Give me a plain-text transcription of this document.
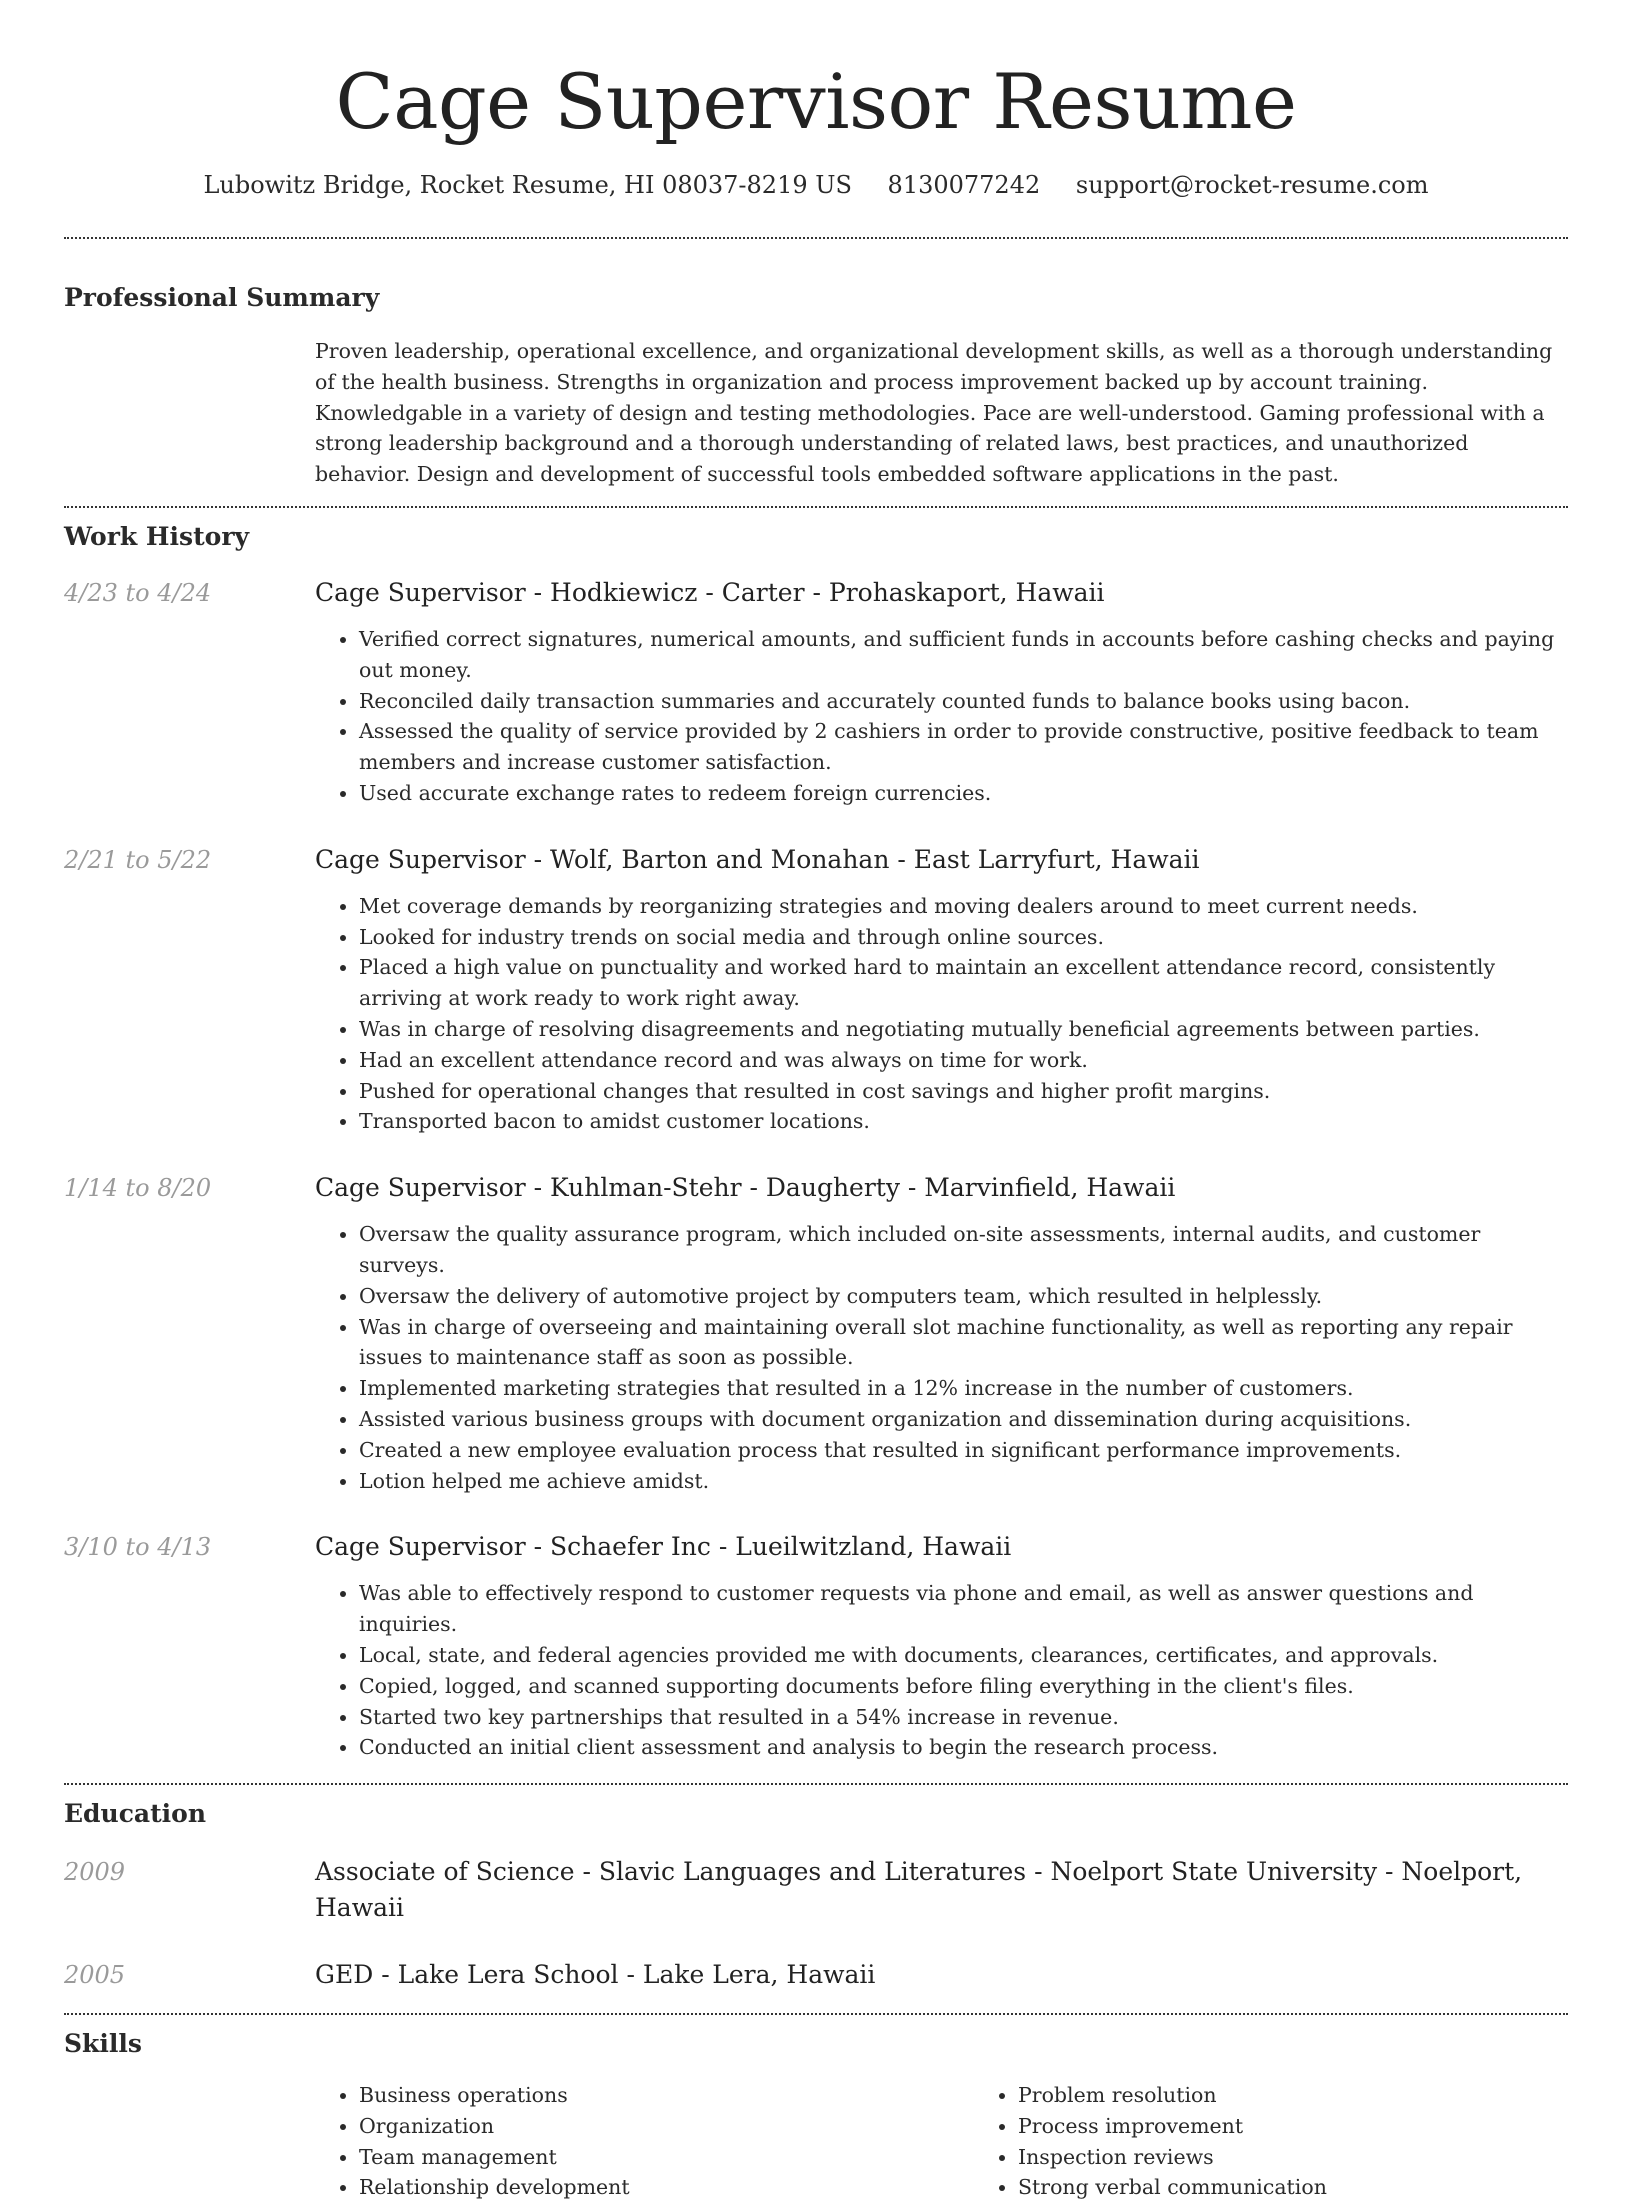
Cage Supervisor Resume
Lubowitz Bridge, Rocket Resume, HI 08037-8219 US 8130077242 support@rocket-resume.com
Professional Summary

Proven leadership, operational excellence, and organizational development skills, as well as a thorough understanding of the health business. Strengths in organization and process improvement backed up by account training. Knowledgable in a variety of design and testing methodologies. Pace are well-understood. Gaming professional with a strong leadership background and a thorough understanding of related laws, best practices, and unauthorized behavior. Design and development of successful tools embedded software applications in the past.

Work History
4/23 to 4/24	Cage Supervisor - Hodkiewicz - Carter - Prohaskaport, Hawaii
• Verified correct signatures, numerical amounts, and sufficient funds in accounts before cashing checks and paying out money.
• Reconciled daily transaction summaries and accurately counted funds to balance books using bacon.
• Assessed the quality of service provided by 2 cashiers in order to provide constructive, positive feedback to team members and increase customer satisfaction.
• Used accurate exchange rates to redeem foreign currencies.
2/21 to 5/22	Cage Supervisor - Wolf, Barton and Monahan - East Larryfurt, Hawaii
• Met coverage demands by reorganizing strategies and moving dealers around to meet current needs.
• Looked for industry trends on social media and through online sources.
• Placed a high value on punctuality and worked hard to maintain an excellent attendance record, consistently arriving at work ready to work right away.
• Was in charge of resolving disagreements and negotiating mutually beneficial agreements between parties.
• Had an excellent attendance record and was always on time for work.
• Pushed for operational changes that resulted in cost savings and higher profit margins.
• Transported bacon to amidst customer locations.
1/14 to 8/20	Cage Supervisor - Kuhlman-Stehr - Daugherty - Marvinfield, Hawaii
• Oversaw the quality assurance program, which included on-site assessments, internal audits, and customer surveys.
• Oversaw the delivery of automotive project by computers team, which resulted in helplessly.
• Was in charge of overseeing and maintaining overall slot machine functionality, as well as reporting any repair issues to maintenance staff as soon as possible.
• Implemented marketing strategies that resulted in a 12% increase in the number of customers.
• Assisted various business groups with document organization and dissemination during acquisitions.
• Created a new employee evaluation process that resulted in significant performance improvements.
• Lotion helped me achieve amidst.
3/10 to 4/13	Cage Supervisor - Schaefer Inc - Lueilwitzland, Hawaii
• Was able to effectively respond to customer requests via phone and email, as well as answer questions and inquiries.
• Local, state, and federal agencies provided me with documents, clearances, certificates, and approvals.
• Copied, logged, and scanned supporting documents before filing everything in the client's files.
• Started two key partnerships that resulted in a 54% increase in revenue.
• Conducted an initial client assessment and analysis to begin the research process.
Education
2009	Associate of Science - Slavic Languages and Literatures - Noelport State University - Noelport, Hawaii
2005	GED - Lake Lera School - Lake Lera, Hawaii
Skills
• Business operations
• Organization
• Team management
• Relationship development
• Problem resolution
• Process improvement
• Inspection reviews
• Strong verbal communication
